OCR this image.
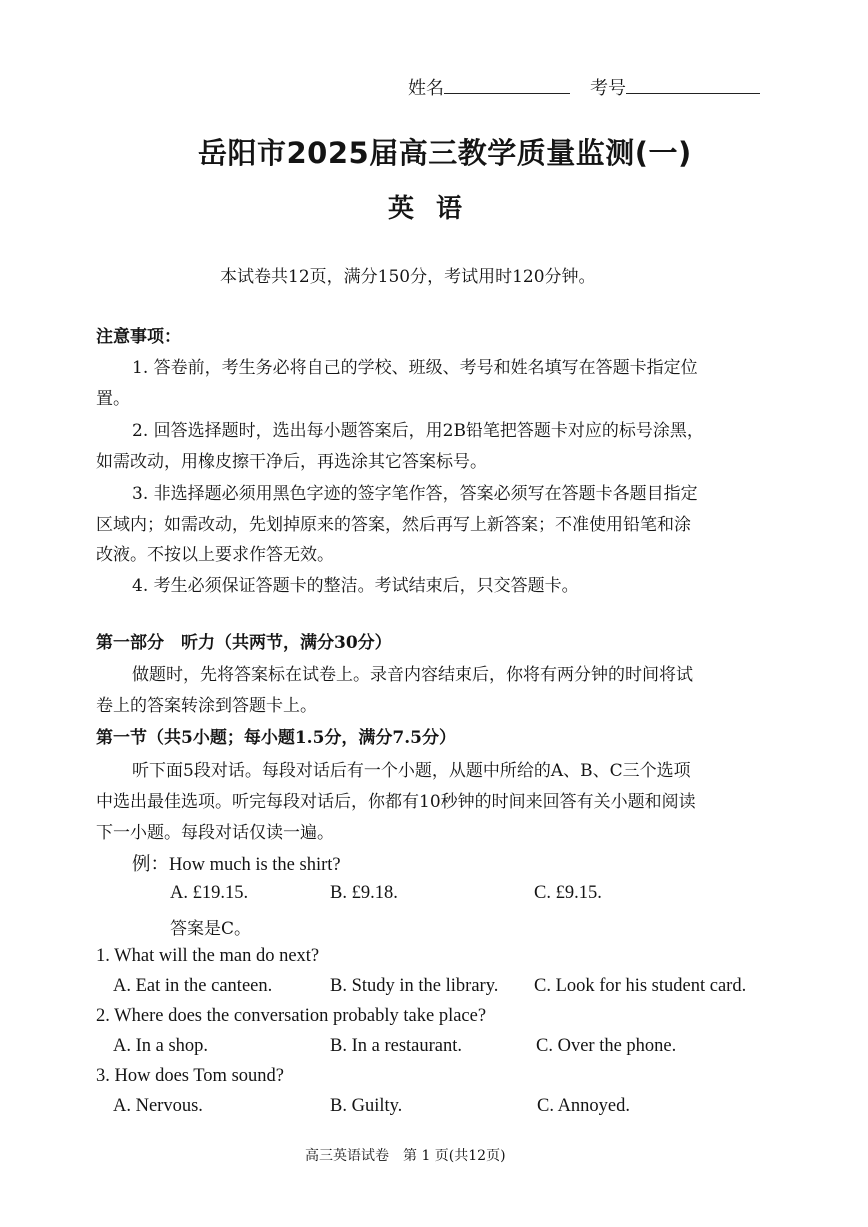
姓名	考号
岳阳市2025届高三教学质量监测(一)
英语
本试卷共12页，满分150分，考试用时120分钟。
注意事项：
1. 答卷前，考生务必将自己的学校、班级、考号和姓名填写在答题卡指定位
置。
2. 回答选择题时，选出每小题答案后，用2B铅笔把答题卡对应的标号涂黑，
如需改动，用橡皮擦干净后，再选涂其它答案标号。
3. 非选择题必须用黑色字迹的签字笔作答，答案必须写在答题卡各题目指定
区域内；如需改动，先划掉原来的答案，然后再写上新答案；不准使用铅笔和涂
改液。不按以上要求作答无效。
4. 考生必须保证答题卡的整洁。考试结束后，只交答题卡。
第一部分　听力（共两节，满分30分）
做题时，先将答案标在试卷上。录音内容结束后，你将有两分钟的时间将试
卷上的答案转涂到答题卡上。
第一节（共5小题；每小题1.5分，满分7.5分）
听下面5段对话。每段对话后有一个小题，从题中所给的A、B、C三个选项
中选出最佳选项。听完每段对话后，你都有10秒钟的时间来回答有关小题和阅读
下一小题。每段对话仅读一遍。
例：How much is the shirt?
A. £19.15.	B. £9.18.	C. £9.15.
答案是C。
1. What will the man do next?
A. Eat in the canteen.	B. Study in the library. C. Look for his student card.
2. Where does the conversation probably take place?
A. In a shop.	B. In a restaurant.	C. Over the phone.
3. How does Tom sound?
A. Nervous.	B. Guilty.	C. Annoyed.
高三英语试卷　第 1 页(共12页)
